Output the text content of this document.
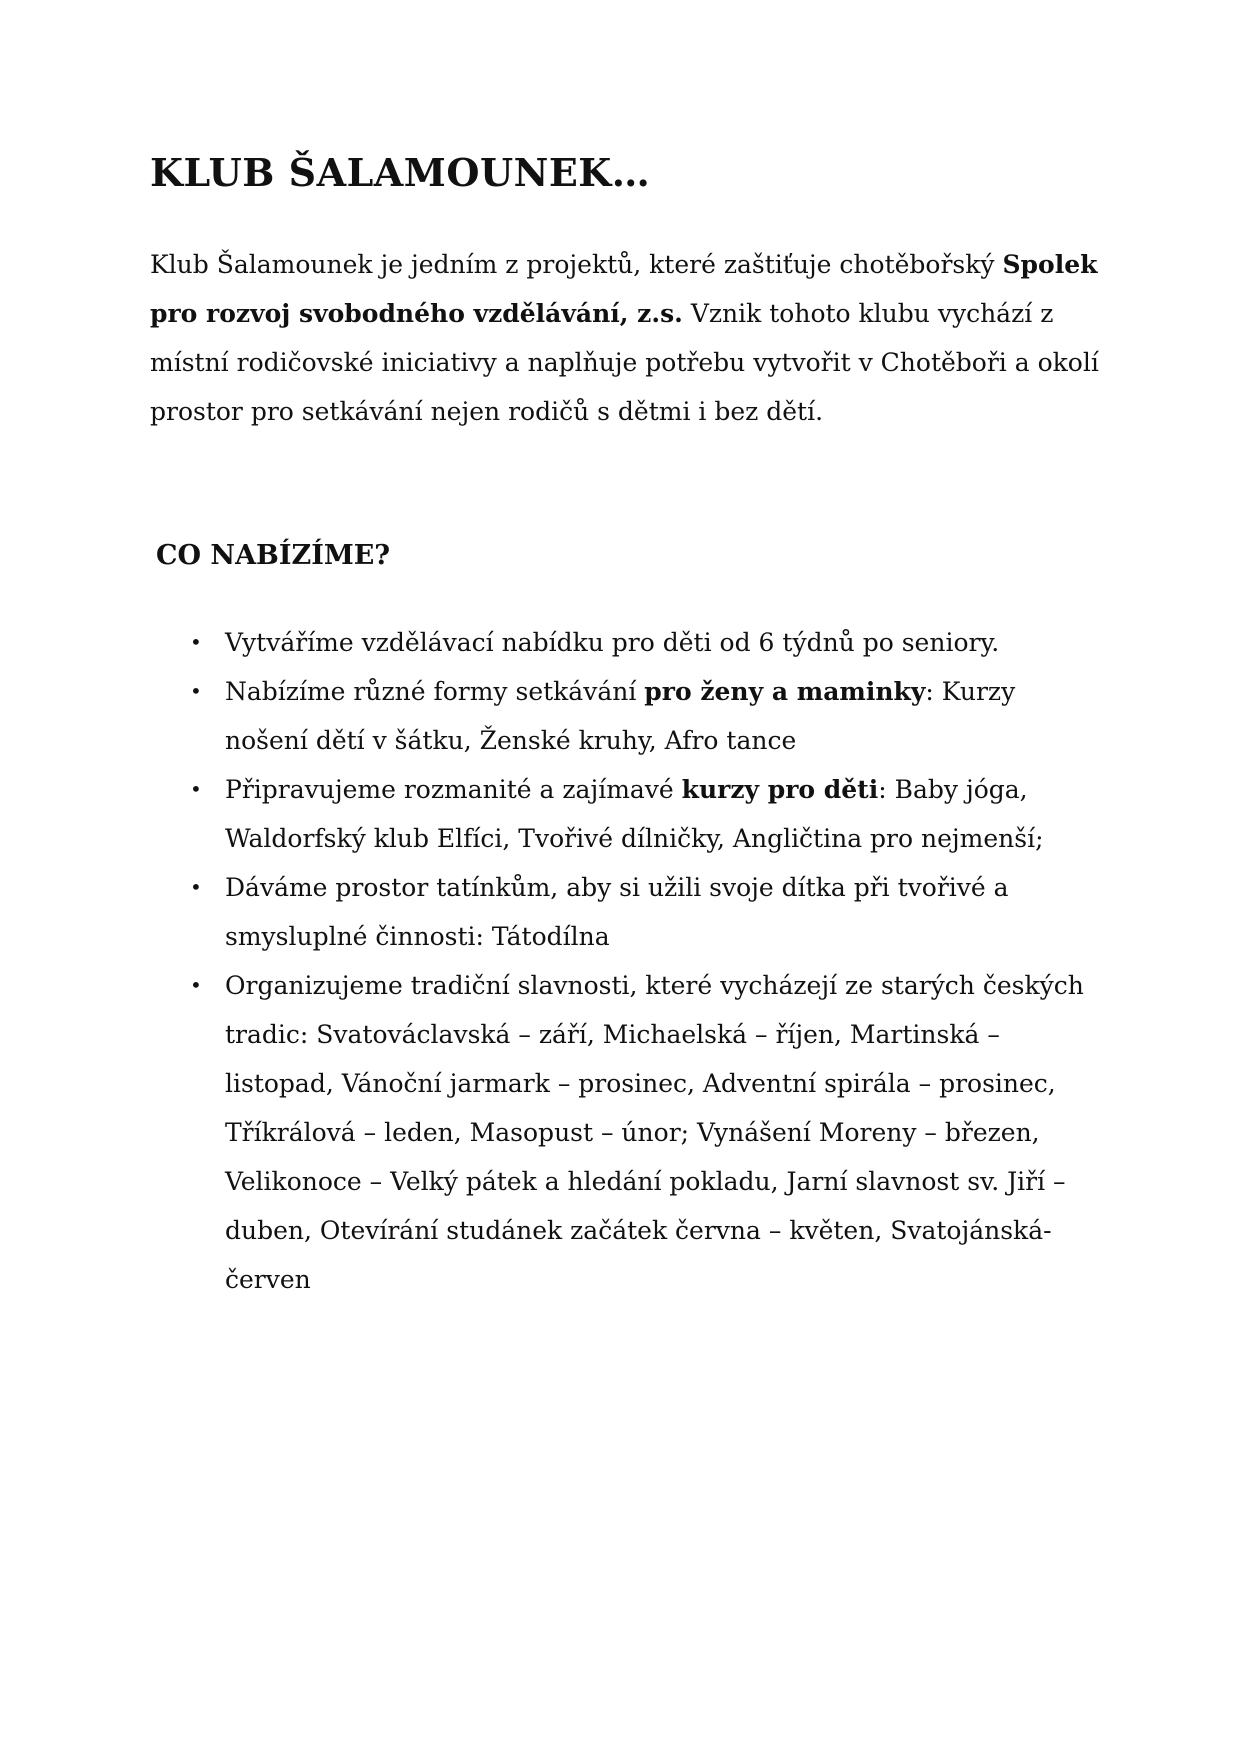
KLUB ŠALAMOUNEK…

Klub Šalamounek je jedním z projektů, které zaštiťuje chotěbořský Spolek pro rozvoj svobodného vzdělávání, z.s. Vznik tohoto klubu vychází z místní rodičovské iniciativy a naplňuje potřebu vytvořit v Chotěboři a okolí prostor pro setkávání nejen rodičů s dětmi i bez dětí.

CO NABÍZÍME?
• Vytváříme vzdělávací nabídku pro děti od 6 týdnů po seniory.
• Nabízíme různé formy setkávání pro ženy a maminky: Kurzy nošení dětí v šátku, Ženské kruhy, Afro tance
• Připravujeme rozmanité a zajímavé kurzy pro děti: Baby jóga, Waldorfský klub Elfíci, Tvořivé dílničky, Angličtina pro nejmenší;
• Dáváme prostor tatínkům, aby si užili svoje dítka při tvořivé a smysluplné činnosti: Tátodílna
• Organizujeme tradiční slavnosti, které vycházejí ze starých českých tradic: Svatováclavská – září, Michaelská – říjen, Martinská – listopad, Vánoční jarmark – prosinec, Adventní spirála – prosinec, Tříkrálová – leden, Masopust – únor; Vynášení Moreny – březen, Velikonoce – Velký pátek a hledání pokladu, Jarní slavnost sv. Jiří – duben, Otevírání studánek začátek června – květen, Svatojánská- červen
